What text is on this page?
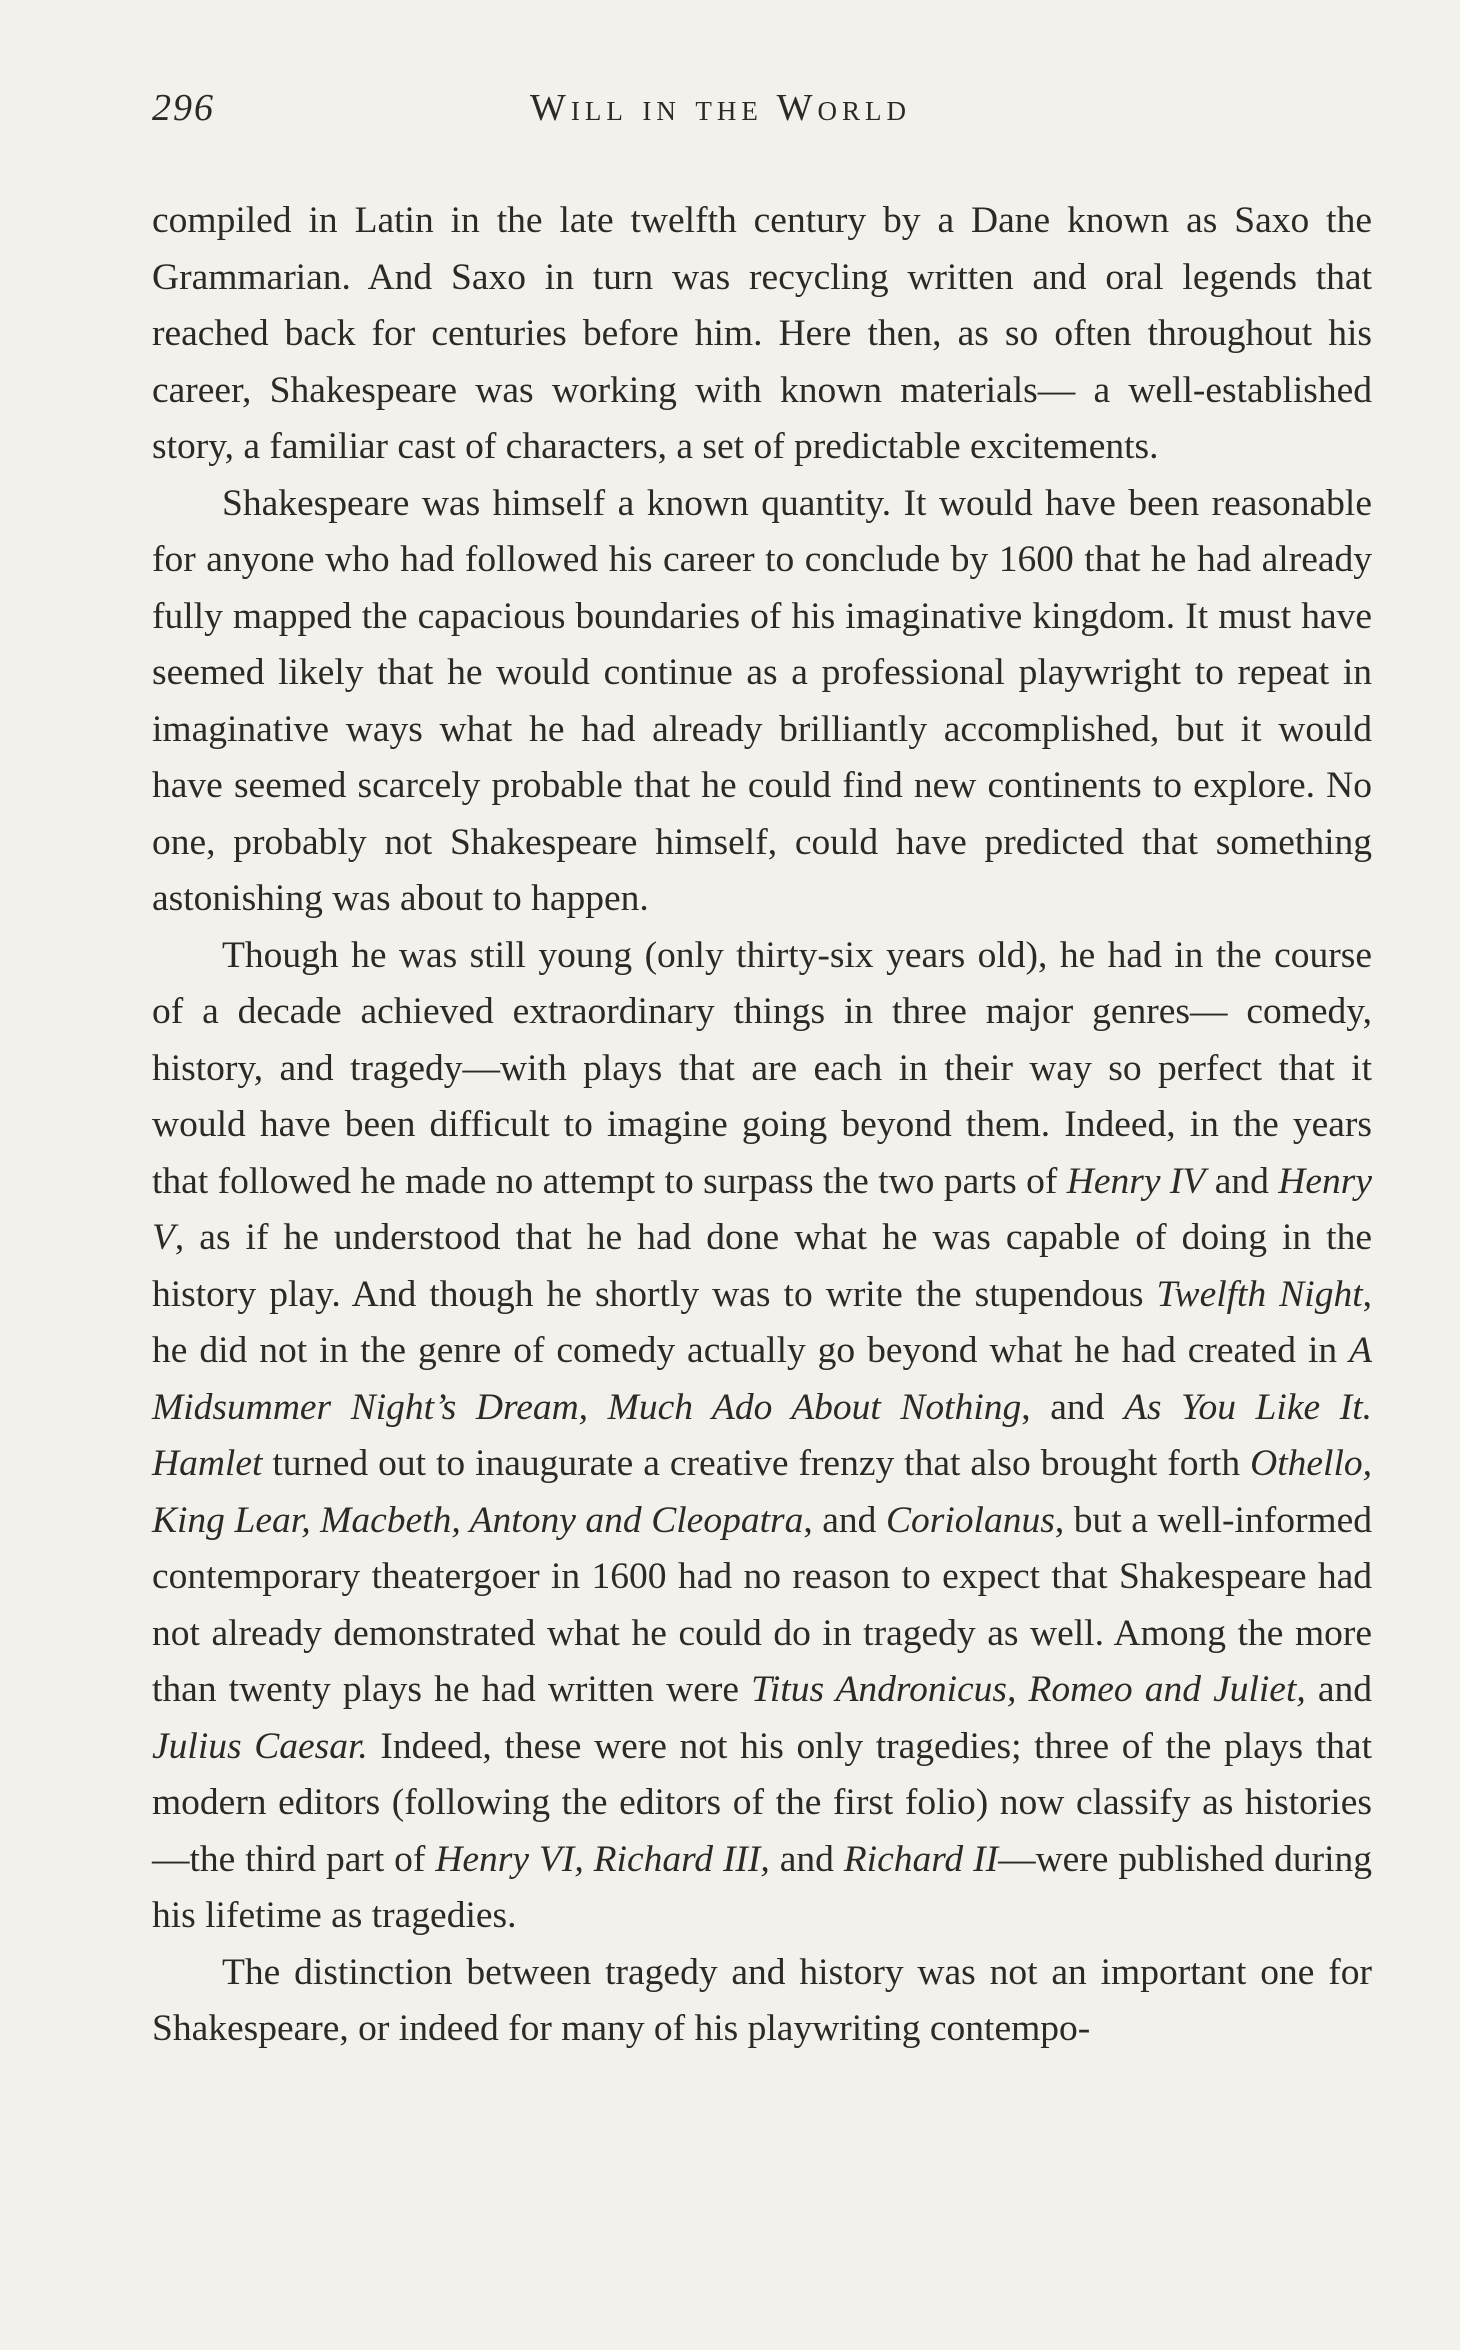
296	Will in the World

compiled in Latin in the late twelfth century by a Dane known as Saxo the Grammarian. And Saxo in turn was recycling written and oral legends that reached back for centuries before him. Here then, as so often throughout his career, Shakespeare was working with known materials— a well-established story, a familiar cast of characters, a set of predictable excitements.

Shakespeare was himself a known quantity. It would have been reasonable for anyone who had followed his career to conclude by 1600 that he had already fully mapped the capacious boundaries of his imaginative kingdom. It must have seemed likely that he would continue as a professional playwright to repeat in imaginative ways what he had already brilliantly accomplished, but it would have seemed scarcely probable that he could find new continents to explore. No one, probably not Shakespeare himself, could have predicted that something astonishing was about to happen.

Though he was still young (only thirty-six years old), he had in the course of a decade achieved extraordinary things in three major genres— comedy, history, and tragedy—with plays that are each in their way so perfect that it would have been difficult to imagine going beyond them. Indeed, in the years that followed he made no attempt to surpass the two parts of Henry IV and Henry V, as if he understood that he had done what he was capable of doing in the history play. And though he shortly was to write the stupendous Twelfth Night, he did not in the genre of comedy actually go beyond what he had created in A Midsummer Night’s Dream, Much Ado About Nothing, and As You Like It. Hamlet turned out to inaugurate a creative frenzy that also brought forth Othello, King Lear, Macbeth, Antony and Cleopatra, and Coriolanus, but a well-informed contemporary theatergoer in 1600 had no reason to expect that Shakespeare had not already demonstrated what he could do in tragedy as well. Among the more than twenty plays he had written were Titus Andronicus, Romeo and Juliet, and Julius Caesar. Indeed, these were not his only tragedies; three of the plays that modern editors (following the editors of the first folio) now classify as histories—the third part of Henry VI, Richard III, and Richard II—were published during his lifetime as tragedies.

The distinction between tragedy and history was not an important one for Shakespeare, or indeed for many of his playwriting contempo-
